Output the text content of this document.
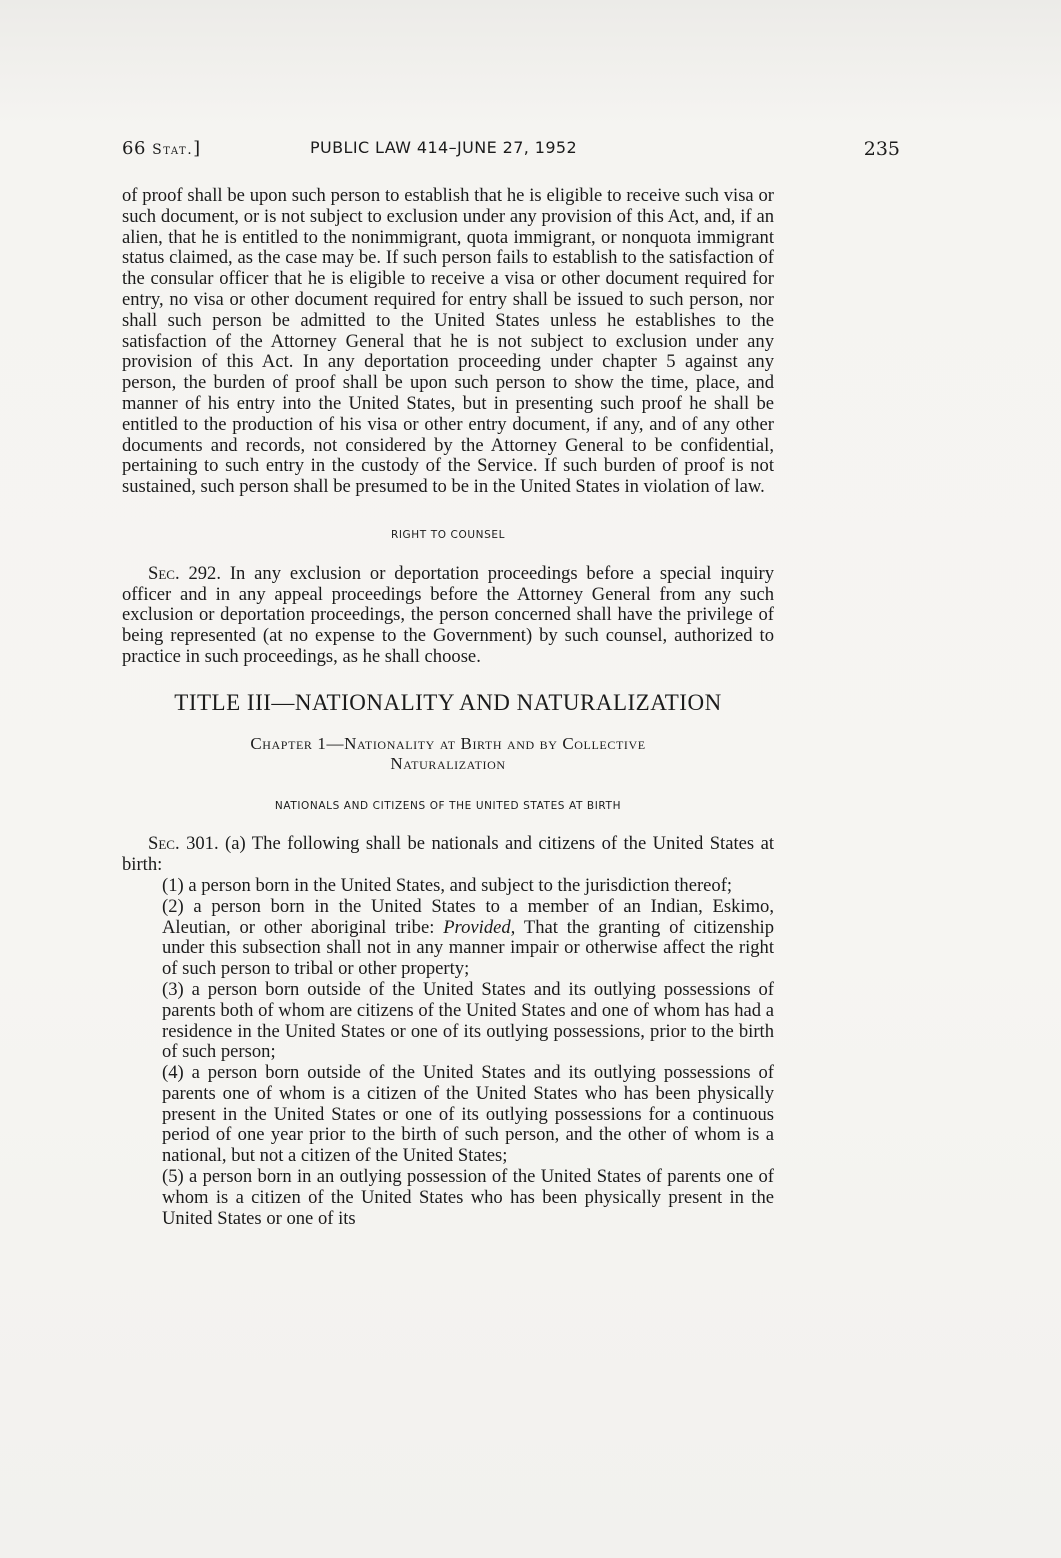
66 Stat.]	PUBLIC LAW 414–JUNE 27, 1952	235

of proof shall be upon such person to establish that he is eligible to receive such visa or such document, or is not subject to exclusion under any provision of this Act, and, if an alien, that he is entitled to the nonimmigrant, quota immigrant, or nonquota immigrant status claimed, as the case may be. If such person fails to establish to the satisfaction of the consular officer that he is eligible to receive a visa or other document required for entry, no visa or other document required for entry shall be issued to such person, nor shall such person be admitted to the United States unless he establishes to the satisfaction of the Attorney General that he is not subject to exclusion under any provision of this Act. In any deportation proceeding under chapter 5 against any person, the burden of proof shall be upon such person to show the time, place, and manner of his entry into the United States, but in presenting such proof he shall be entitled to the production of his visa or other entry document, if any, and of any other documents and records, not considered by the Attorney General to be confidential, pertaining to such entry in the custody of the Service. If such burden of proof is not sustained, such person shall be presumed to be in the United States in violation of law.

RIGHT TO COUNSEL

Sec. 292. In any exclusion or deportation proceedings before a special inquiry officer and in any appeal proceedings before the Attorney General from any such exclusion or deportation proceedings, the person concerned shall have the privilege of being represented (at no expense to the Government) by such counsel, authorized to practice in such proceedings, as he shall choose.

TITLE III—NATIONALITY AND NATURALIZATION

Chapter 1—Nationality at Birth and by Collective

Naturalization

NATIONALS AND CITIZENS OF THE UNITED STATES AT BIRTH

Sec. 301. (a) The following shall be nationals and citizens of the United States at birth:

(1) a person born in the United States, and subject to the jurisdiction thereof;

(2) a person born in the United States to a member of an Indian, Eskimo, Aleutian, or other aboriginal tribe: Provided, That the granting of citizenship under this subsection shall not in any manner impair or otherwise affect the right of such person to tribal or other property;

(3) a person born outside of the United States and its outlying possessions of parents both of whom are citizens of the United States and one of whom has had a residence in the United States or one of its outlying possessions, prior to the birth of such person;

(4) a person born outside of the United States and its outlying possessions of parents one of whom is a citizen of the United States who has been physically present in the United States or one of its outlying possessions for a continuous period of one year prior to the birth of such person, and the other of whom is a national, but not a citizen of the United States;

(5) a person born in an outlying possession of the United States of parents one of whom is a citizen of the United States who has been physically present in the United States or one of its
